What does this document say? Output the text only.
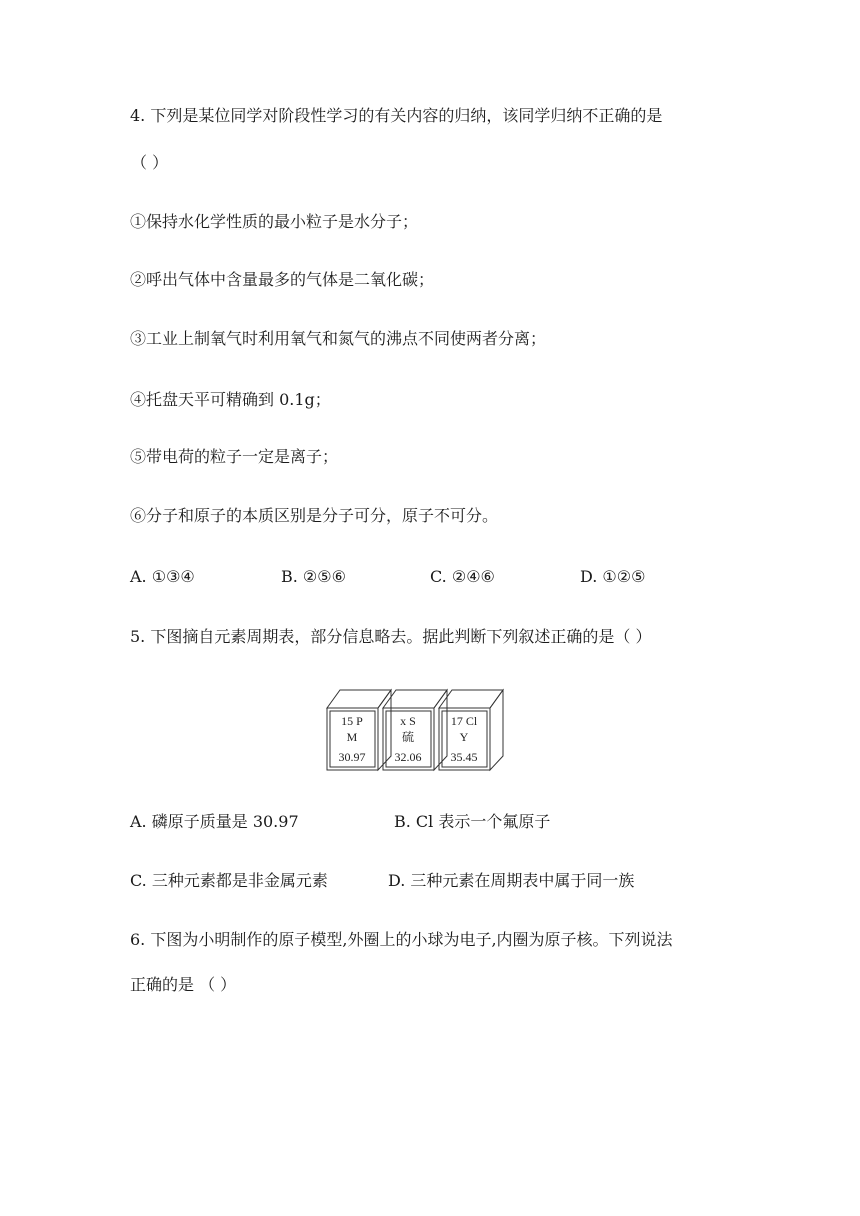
4. 下列是某位同学对阶段性学习的有关内容的归纳，该同学归纳不正确的是
（ ）
①保持水化学性质的最小粒子是水分子；
②呼出气体中含量最多的气体是二氧化碳；
③工业上制氧气时利用氧气和氮气的沸点不同使两者分离；
④托盘天平可精确到 0.1g；
⑤带电荷的粒子一定是离子；
⑥分子和原子的本质区别是分子可分，原子不可分。
A. ①③④	B. ②⑤⑥	C. ②④⑥	D. ①②⑤
5. 下图摘自元素周期表，部分信息略去。据此判断下列叙述正确的是（ ）
15 P
M
30.97
x S
硫
32.06
17 Cl
Y
35.45
A. 磷原子质量是 30.97	B. Cl 表示一个氟原子
C. 三种元素都是非金属元素	D. 三种元素在周期表中属于同一族
6. 下图为小明制作的原子模型,外圈上的小球为电子,内圈为原子核。下列说法
正确的是 （ ）
